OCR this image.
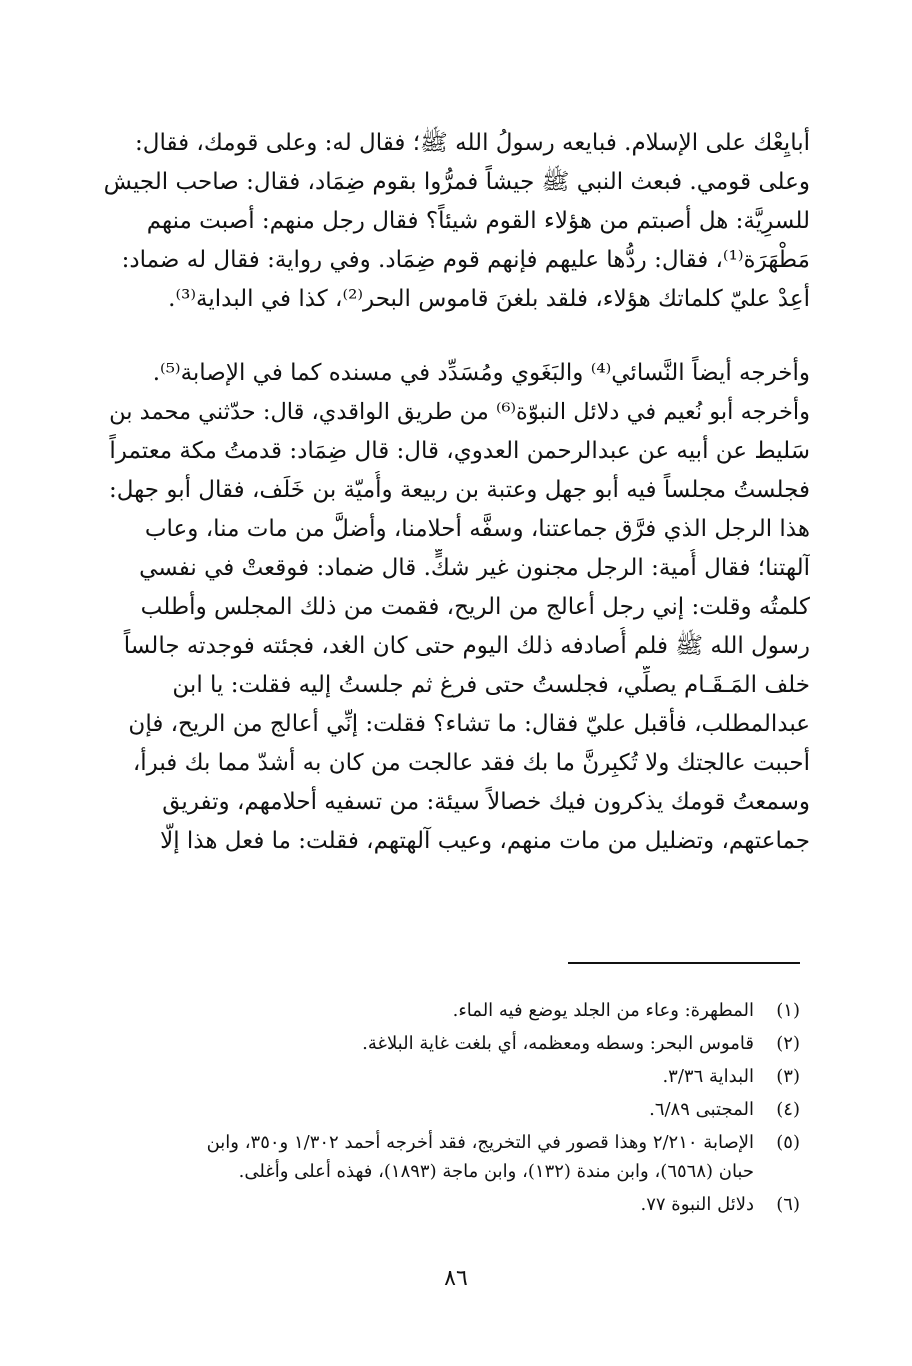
أبايِعْك على الإسلام. فبايعه رسولُ الله ﷺ؛ فقال له: وعلى قومك، فقال:
وعلى قومي. فبعث النبي ﷺ جيشاً فمرُّوا بقوم ضِمَاد، فقال: صاحب الجيش
للسرِيَّة: هل أصبتم من هؤلاء القوم شيئاً؟ فقال رجل منهم: أصبت منهم
مَطْهَرَة⁽¹⁾، فقال: ردُّها عليهم فإنهم قوم ضِمَاد. وفي رواية: فقال له ضماد:
أعِدْ عليّ كلماتك هؤلاء، فلقد بلغنَ قاموس البحر⁽²⁾، كذا في البداية⁽³⁾.
وأخرجه أيضاً النَّسائي⁽⁴⁾ والبَغَوي ومُسَدِّد في مسنده كما في الإصابة⁽⁵⁾.
وأخرجه أبو نُعيم في دلائل النبوّة⁽⁶⁾ من طريق الواقدي، قال: حدّثني محمد بن
سَليط عن أبيه عن عبدالرحمن العدوي، قال: قال ضِمَاد: قدمتُ مكة معتمراً
فجلستُ مجلساً فيه أبو جهل وعتبة بن ربيعة وأُميّة بن خَلَف، فقال أبو جهل:
هذا الرجل الذي فرَّق جماعتنا، وسفَّه أحلامنا، وأضلَّ من مات منا، وعاب
آلهتنا؛ فقال أُمية: الرجل مجنون غير شكٍّ. قال ضماد: فوقعتْ في نفسي
كلمتُه وقلت: إني رجل أعالج من الريح، فقمت من ذلك المجلس وأطلب
رسول الله ﷺ فلم أُصادفه ذلك اليوم حتى كان الغد، فجئته فوجدته جالساً
خلف المَـقَـام يصلِّي، فجلستُ حتى فرغ ثم جلستُ إليه فقلت: يا ابن
عبدالمطلب، فأقبل عليّ فقال: ما تشاء؟ فقلت: إنِّي أعالج من الريح، فإن
أحببت عالجتك ولا تُكبِرنَّ ما بك فقد عالجت من كان به أشدّ مما بك فبرأ،
وسمعتُ قومك يذكرون فيك خصالاً سيئة: من تسفيه أحلامهم، وتفريق
جماعتهم، وتضليل من مات منهم، وعيب آلهتهم، فقلت: ما فعل هذا إلّا
(١)
المطهرة: وعاء من الجلد يوضع فيه الماء.
(٢)
قاموس البحر: وسطه ومعظمه، أي بلغت غاية البلاغة.
(٣)
البداية ٣/٣٦.
(٤)
المجتبى ٦/٨٩.
(٥)
الإصابة ٢/٢١٠ وهذا قصور في التخريج، فقد أخرجه أحمد ١/٣٠٢ و٣٥٠، وابن
حبان (٦٥٦٨)، وابن مندة (١٣٢)، وابن ماجة (١٨٩٣)، فهذه أعلى وأغلى.
(٦)
دلائل النبوة ٧٧.
٨٦
